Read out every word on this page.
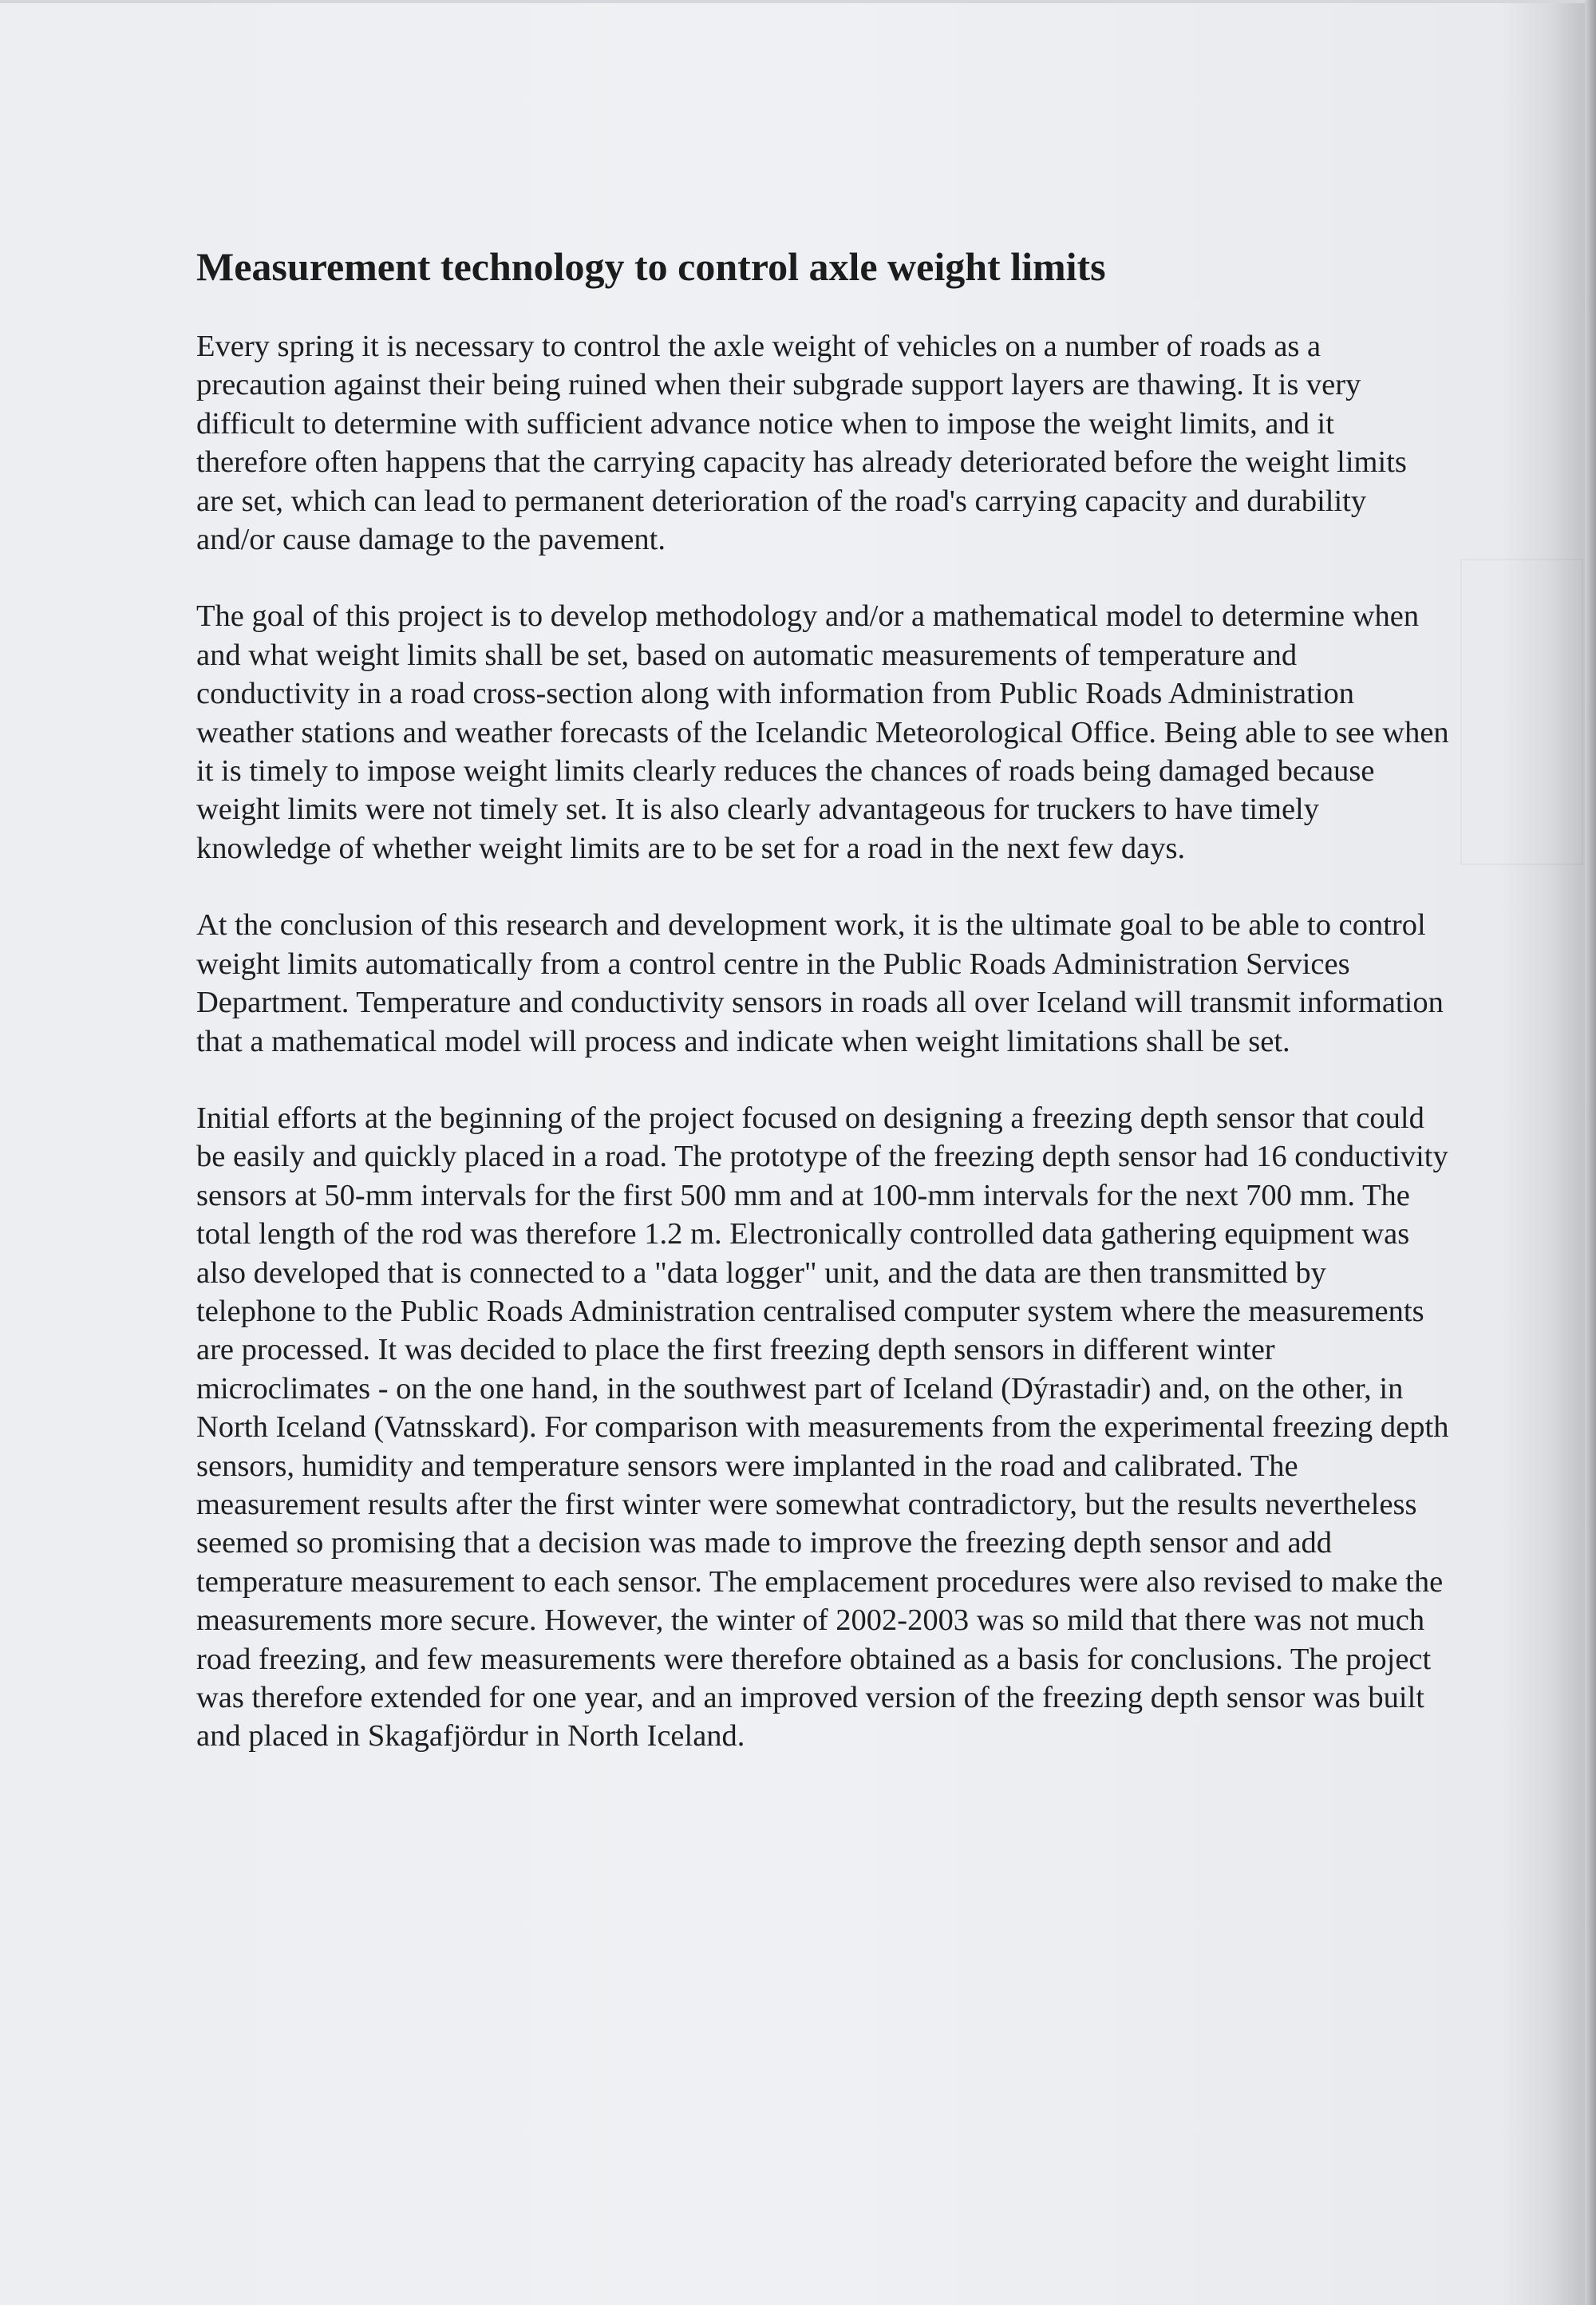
Measurement technology to control axle weight limits

Every spring it is necessary to control the axle weight of vehicles on a number of roads as a precaution against their being ruined when their subgrade support layers are thawing. It is very difficult to determine with sufficient advance notice when to impose the weight limits, and it therefore often happens that the carrying capacity has already deteriorated before the weight limits are set, which can lead to permanent deterioration of the road's carrying capacity and durability and/or cause damage to the pavement.

The goal of this project is to develop methodology and/or a mathematical model to determine when and what weight limits shall be set, based on automatic measurements of temperature and conductivity in a road cross-section along with information from Public Roads Administration weather stations and weather forecasts of the Icelandic Meteorological Office. Being able to see when it is timely to impose weight limits clearly reduces the chances of roads being damaged because weight limits were not timely set. It is also clearly advantageous for truckers to have timely knowledge of whether weight limits are to be set for a road in the next few days.

At the conclusion of this research and development work, it is the ultimate goal to be able to control weight limits automatically from a control centre in the Public Roads Administration Services Department. Temperature and conductivity sensors in roads all over Iceland will transmit information that a mathematical model will process and indicate when weight limitations shall be set.

Initial efforts at the beginning of the project focused on designing a freezing depth sensor that could be easily and quickly placed in a road. The prototype of the freezing depth sensor had 16 conductivity sensors at 50-mm intervals for the first 500 mm and at 100-mm intervals for the next 700 mm. The total length of the rod was therefore 1.2 m. Electronically controlled data gathering equipment was also developed that is connected to a "data logger" unit, and the data are then transmitted by telephone to the Public Roads Administration centralised computer system where the measurements are processed. It was decided to place the first freezing depth sensors in different winter microclimates - on the one hand, in the southwest part of Iceland (Dýrastadir) and, on the other, in North Iceland (Vatnsskard). For comparison with measurements from the experimental freezing depth sensors, humidity and temperature sensors were implanted in the road and calibrated. The measurement results after the first winter were somewhat contradictory, but the results nevertheless seemed so promising that a decision was made to improve the freezing depth sensor and add temperature measurement to each sensor. The emplacement procedures were also revised to make the measurements more secure. However, the winter of 2002-2003 was so mild that there was not much road freezing, and few measurements were therefore obtained as a basis for conclusions. The project was therefore extended for one year, and an improved version of the freezing depth sensor was built and placed in Skagafjördur in North Iceland.
